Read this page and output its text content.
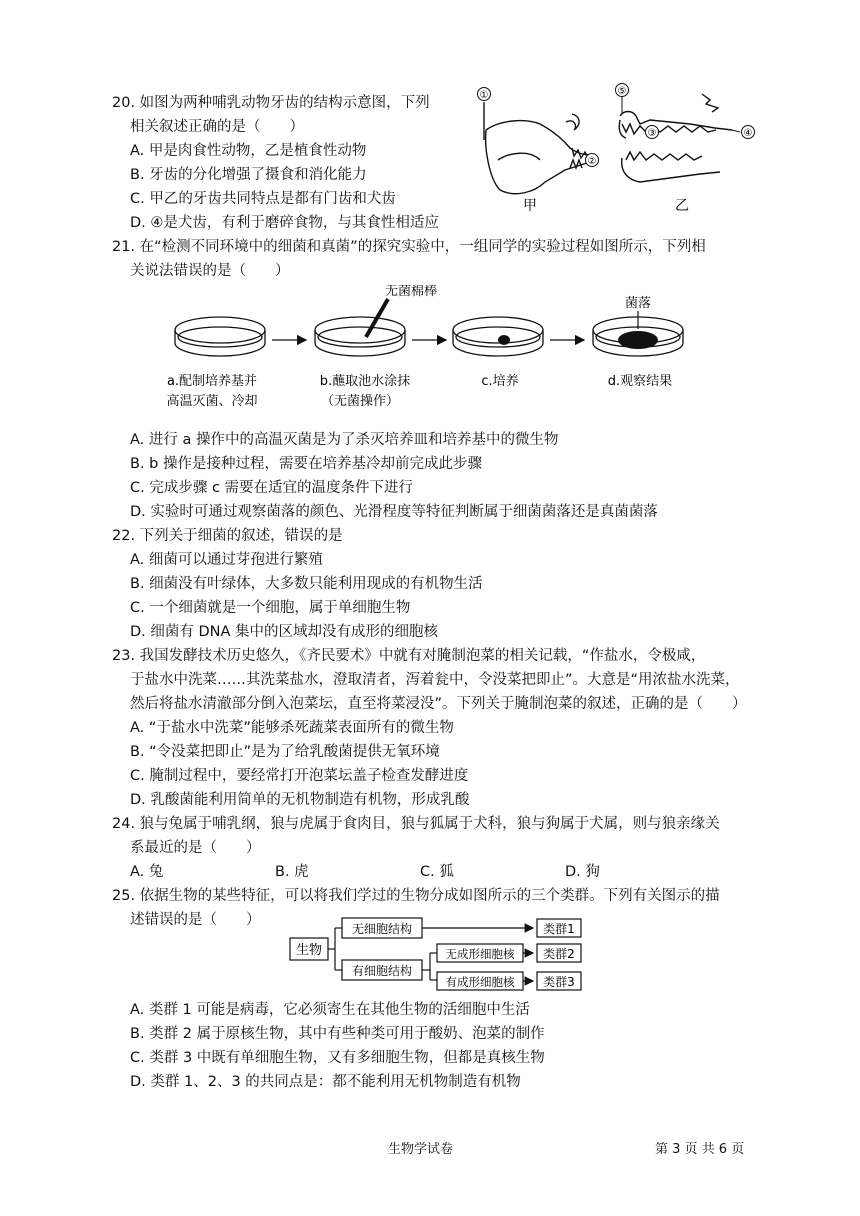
20. 如图为两种哺乳动物牙齿的结构示意图，下列
相关叙述正确的是（　　）
A. 甲是肉食性动物，乙是植食性动物
B. 牙齿的分化增强了摄食和消化能力
C. 甲乙的牙齿共同特点是都有门齿和犬齿
D. ④是犬齿，有利于磨碎食物，与其食性相适应
①
②
甲
⑤
③	④
乙
21. 在“检测不同环境中的细菌和真菌”的探究实验中，一组同学的实验过程如图所示，下列相
关说法错误的是（　　）
无菌棉棒
菌落
a.配制培养基并
高温灭菌、冷却
b.蘸取池水涂抹
（无菌操作）
c.培养	d.观察结果
A. 进行 a 操作中的高温灭菌是为了杀灭培养皿和培养基中的微生物
B. b 操作是接种过程，需要在培养基冷却前完成此步骤
C. 完成步骤 c 需要在适宜的温度条件下进行
D. 实验时可通过观察菌落的颜色、光滑程度等特征判断属于细菌菌落还是真菌菌落
22. 下列关于细菌的叙述，错误的是
A. 细菌可以通过芽孢进行繁殖
B. 细菌没有叶绿体，大多数只能利用现成的有机物生活
C. 一个细菌就是一个细胞，属于单细胞生物
D. 细菌有 DNA 集中的区域却没有成形的细胞核
23. 我国发酵技术历史悠久，《齐民要术》中就有对腌制泡菜的相关记载，“作盐水，令极咸，
于盐水中洗菜……其洗菜盐水，澄取清者，泻着瓮中，令没菜把即止”。大意是“用浓盐水洗菜，
然后将盐水清澈部分倒入泡菜坛，直至将菜浸没”。下列关于腌制泡菜的叙述，正确的是（　　）
A. “于盐水中洗菜”能够杀死蔬菜表面所有的微生物
B. “令没菜把即止”是为了给乳酸菌提供无氧环境
C. 腌制过程中，要经常打开泡菜坛盖子检查发酵进度
D. 乳酸菌能利用简单的无机物制造有机物，形成乳酸
24. 狼与兔属于哺乳纲，狼与虎属于食肉目，狼与狐属于犬科，狼与狗属于犬属，则与狼亲缘关
系最近的是（　　）
A. 兔	B. 虎	C. 狐	D. 狗
25. 依据生物的某些特征，可以将我们学过的生物分成如图所示的三个类群。下列有关图示的描
述错误的是（　　）
生物
无细胞结构
有细胞结构
无成形细胞核
有成形细胞核
类群1
类群2
类群3
A. 类群 1 可能是病毒，它必须寄生在其他生物的活细胞中生活
B. 类群 2 属于原核生物，其中有些种类可用于酸奶、泡菜的制作
C. 类群 3 中既有单细胞生物，又有多细胞生物，但都是真核生物
D. 类群 1、2、3 的共同点是：都不能利用无机物制造有机物
生物学试卷	第 3 页 共 6 页
